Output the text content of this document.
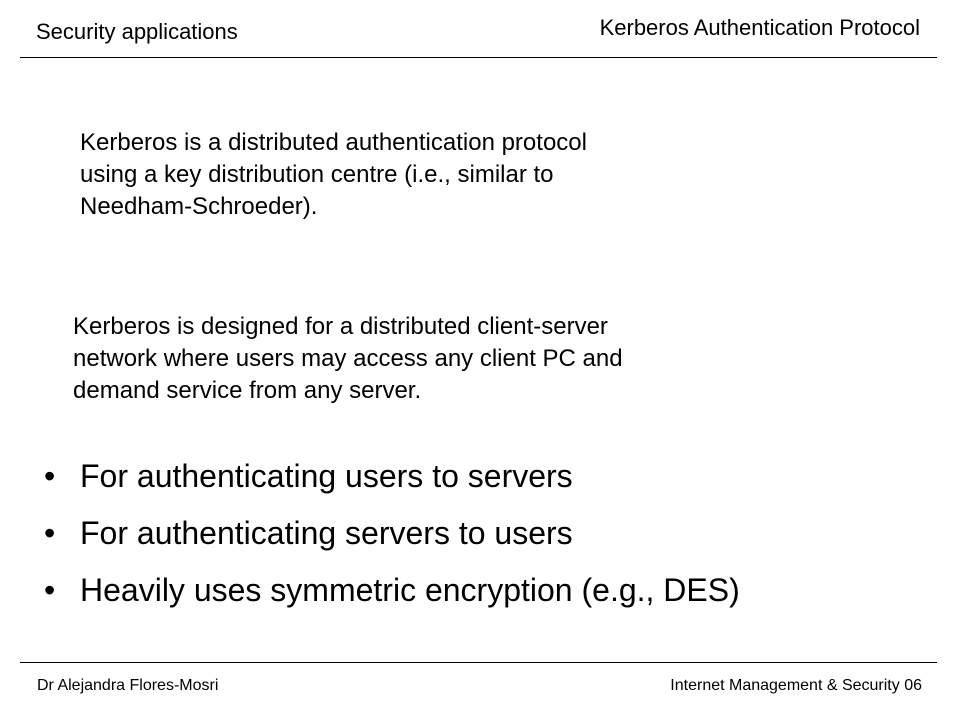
Security applications	Kerberos Authentication Protocol
Kerberos is a distributed authentication protocol
using a key distribution centre (i.e., similar to
Needham-Schroeder).
Kerberos is designed for a distributed client-server
network where users may access any client PC and
demand service from any server.
• For authenticating users to servers
• For authenticating servers to users
• Heavily uses symmetric encryption (e.g., DES)
Dr Alejandra Flores-Mosri	Internet Management & Security 06
